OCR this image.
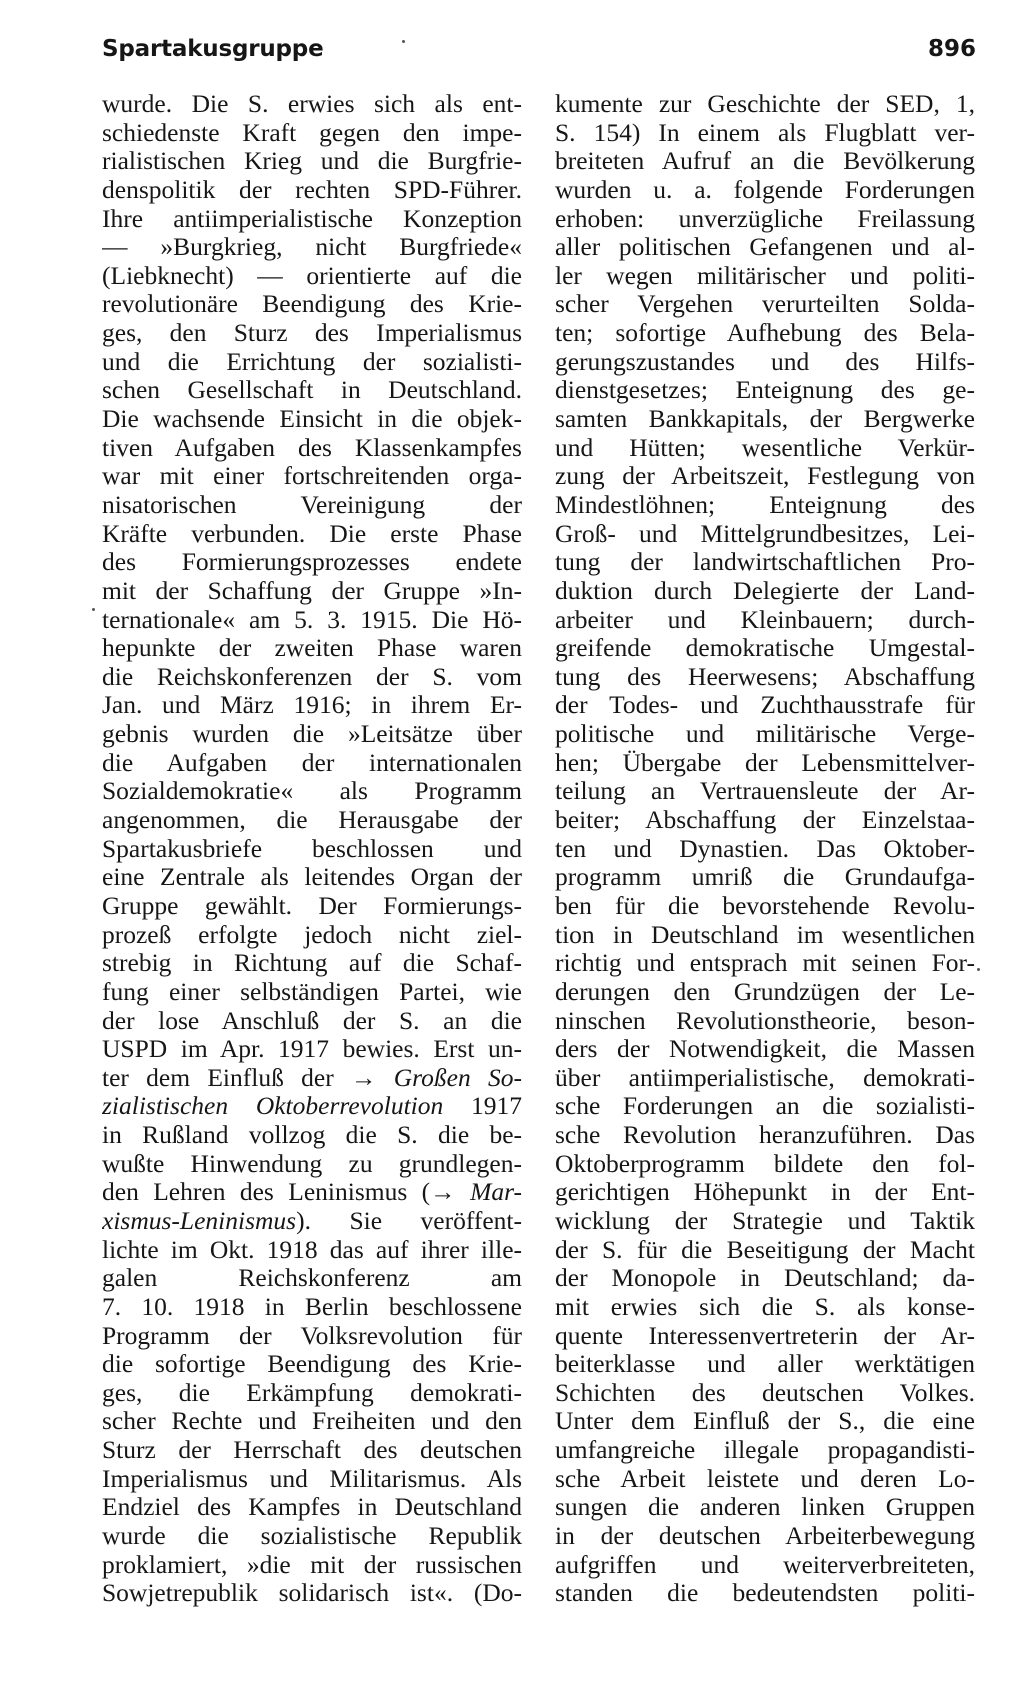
Spartakusgruppe	896
wurde. Die S. erwies sich als ent-
schiedenste Kraft gegen den impe-
rialistischen Krieg und die Burgfrie-
denspolitik der rechten SPD-Führer.
Ihre antiimperialistische Konzeption
— »Burgkrieg, nicht Burgfriede«
(Liebknecht) — orientierte auf die
revolutionäre Beendigung des Krie-
ges, den Sturz des Imperialismus
und die Errichtung der sozialisti-
schen Gesellschaft in Deutschland.
Die wachsende Einsicht in die objek-
tiven Aufgaben des Klassenkampfes
war mit einer fortschreitenden orga-
nisatorischen Vereinigung der
Kräfte verbunden. Die erste Phase
des Formierungsprozesses endete
mit der Schaffung der Gruppe »In-
ternationale« am 5. 3. 1915. Die Hö-
hepunkte der zweiten Phase waren
die Reichskonferenzen der S. vom
Jan. und März 1916; in ihrem Er-
gebnis wurden die »Leitsätze über
die Aufgaben der internationalen
Sozialdemokratie« als Programm
angenommen, die Herausgabe der
Spartakusbriefe beschlossen und
eine Zentrale als leitendes Organ der
Gruppe gewählt. Der Formierungs-
prozeß erfolgte jedoch nicht ziel-
strebig in Richtung auf die Schaf-
fung einer selbständigen Partei, wie
der lose Anschluß der S. an die
USPD im Apr. 1917 bewies. Erst un-
ter dem Einfluß der → Großen So-
zialistischen Oktoberrevolution 1917
in Rußland vollzog die S. die be-
wußte Hinwendung zu grundlegen-
den Lehren des Leninismus (→ Mar-
xismus-Leninismus). Sie veröffent-
lichte im Okt. 1918 das auf ihrer ille-
galen Reichskonferenz am
7. 10. 1918 in Berlin beschlossene
Programm der Volksrevolution für
die sofortige Beendigung des Krie-
ges, die Erkämpfung demokrati-
scher Rechte und Freiheiten und den
Sturz der Herrschaft des deutschen
Imperialismus und Militarismus. Als
Endziel des Kampfes in Deutschland
wurde die sozialistische Republik
proklamiert, »die mit der russischen
Sowjetrepublik solidarisch ist«. (Do-
kumente zur Geschichte der SED, 1,
S. 154) In einem als Flugblatt ver-
breiteten Aufruf an die Bevölkerung
wurden u. a. folgende Forderungen
erhoben: unverzügliche Freilassung
aller politischen Gefangenen und al-
ler wegen militärischer und politi-
scher Vergehen verurteilten Solda-
ten; sofortige Aufhebung des Bela-
gerungszustandes und des Hilfs-
dienstgesetzes; Enteignung des ge-
samten Bankkapitals, der Bergwerke
und Hütten; wesentliche Verkür-
zung der Arbeitszeit, Festlegung von
Mindestlöhnen; Enteignung des
Groß- und Mittelgrundbesitzes, Lei-
tung der landwirtschaftlichen Pro-
duktion durch Delegierte der Land-
arbeiter und Kleinbauern; durch-
greifende demokratische Umgestal-
tung des Heerwesens; Abschaffung
der Todes- und Zuchthausstrafe für
politische und militärische Verge-
hen; Übergabe der Lebensmittelver-
teilung an Vertrauensleute der Ar-
beiter; Abschaffung der Einzelstaa-
ten und Dynastien. Das Oktober-
programm umriß die Grundaufga-
ben für die bevorstehende Revolu-
tion in Deutschland im wesentlichen
richtig und entsprach mit seinen For-
derungen den Grundzügen der Le-
ninschen Revolutionstheorie, beson-
ders der Notwendigkeit, die Massen
über antiimperialistische, demokrati-
sche Forderungen an die sozialisti-
sche Revolution heranzuführen. Das
Oktoberprogramm bildete den fol-
gerichtigen Höhepunkt in der Ent-
wicklung der Strategie und Taktik
der S. für die Beseitigung der Macht
der Monopole in Deutschland; da-
mit erwies sich die S. als konse-
quente Interessenvertreterin der Ar-
beiterklasse und aller werktätigen
Schichten des deutschen Volkes.
Unter dem Einfluß der S., die eine
umfangreiche illegale propagandisti-
sche Arbeit leistete und deren Lo-
sungen die anderen linken Gruppen
in der deutschen Arbeiterbewegung
aufgriffen und weiterverbreiteten,
standen die bedeutendsten politi-
